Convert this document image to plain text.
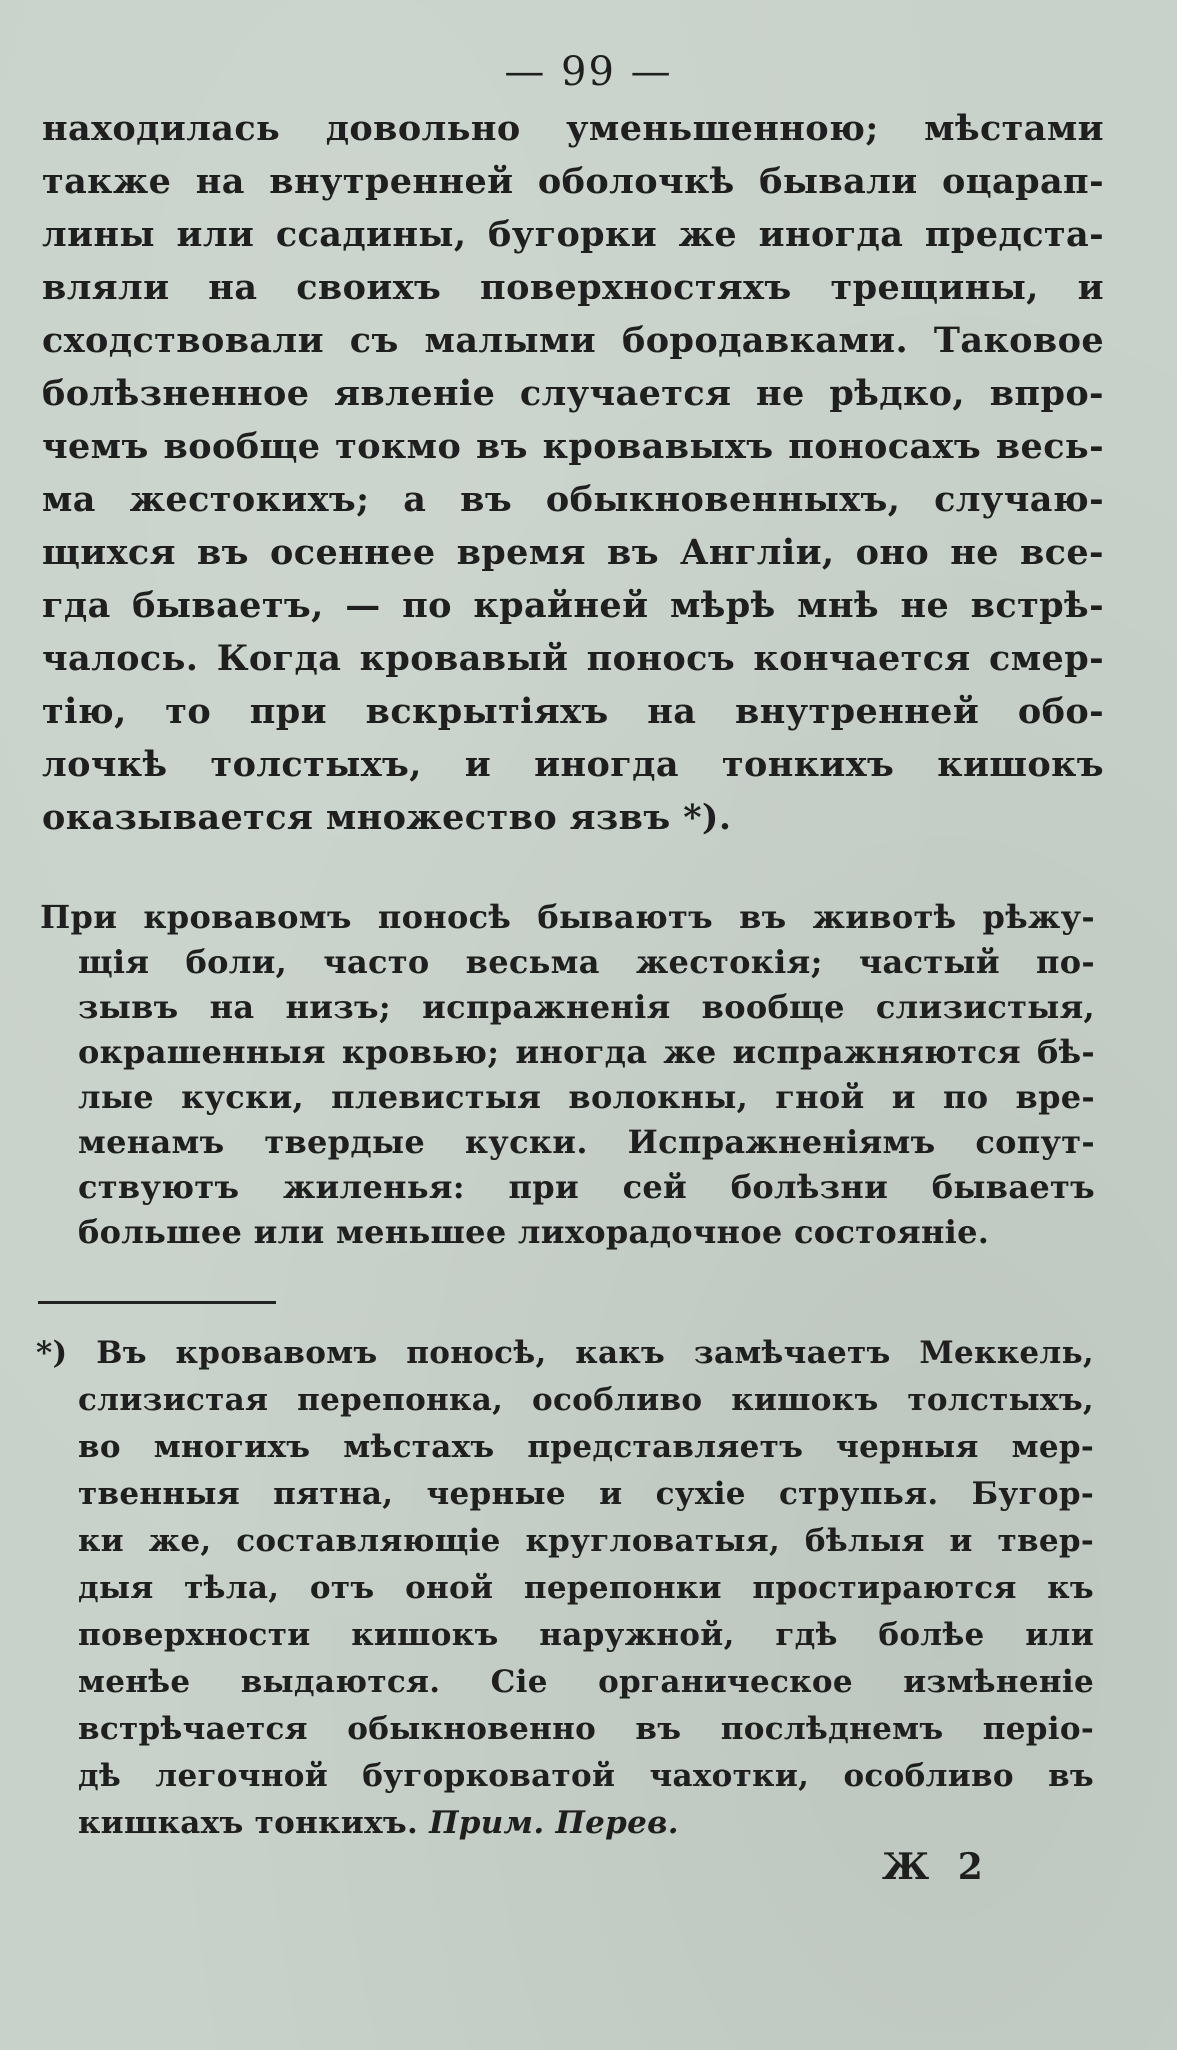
— 99 —
находилась довольно уменьшенною; мѣстами
также на внутренней оболочкѣ бывали оцарап-
лины или ссадины, бугорки же иногда предста-
вляли на своихъ поверхностяхъ трещины, и
сходствовали съ малыми бородавками. Таковое
болѣзненное явленіе случается не рѣдко, впро-
чемъ вообще токмо въ кровавыхъ поносахъ весь-
ма жестокихъ; а въ обыкновенныхъ, случаю-
щихся въ осеннее время въ Англіи, оно не все-
гда бываетъ, — по крайней мѣрѣ мнѣ не встрѣ-
чалось. Когда кровавый поносъ кончается смер-
тію, то при вскрытіяхъ на внутренней обо-
лочкѣ толстыхъ, и иногда тонкихъ кишокъ
оказывается множество язвъ *).
При кровавомъ поносѣ бываютъ въ животѣ рѣжу-
щія боли, часто весьма жестокія; частый по-
зывъ на низъ; испражненія вообще слизистыя,
окрашенныя кровью; иногда же испражняются бѣ-
лые куски, плевистыя волокны, гной и по вре-
менамъ твердые куски. Испражненіямъ сопут-
ствуютъ жиленья: при сей болѣзни бываетъ
большее или меньшее лихорадочное состояніе.
*) Въ кровавомъ поносѣ, какъ замѣчаетъ Меккель,
слизистая перепонка, особливо кишокъ толстыхъ,
во многихъ мѣстахъ представляетъ черныя мер-
твенныя пятна, черные и сухіе струпья. Бугор-
ки же, составляющіе кругловатыя, бѣлыя и твер-
дыя тѣла, отъ оной перепонки простираются къ
поверхности кишокъ наружной, гдѣ болѣе или
менѣе выдаются. Сіе органическое измѣненіе
встрѣчается обыкновенно въ послѣднемъ періо-
дѣ легочной бугорковатой чахотки, особливо въ
кишкахъ тонкихъ. Прим. Перев.
Ж 2
